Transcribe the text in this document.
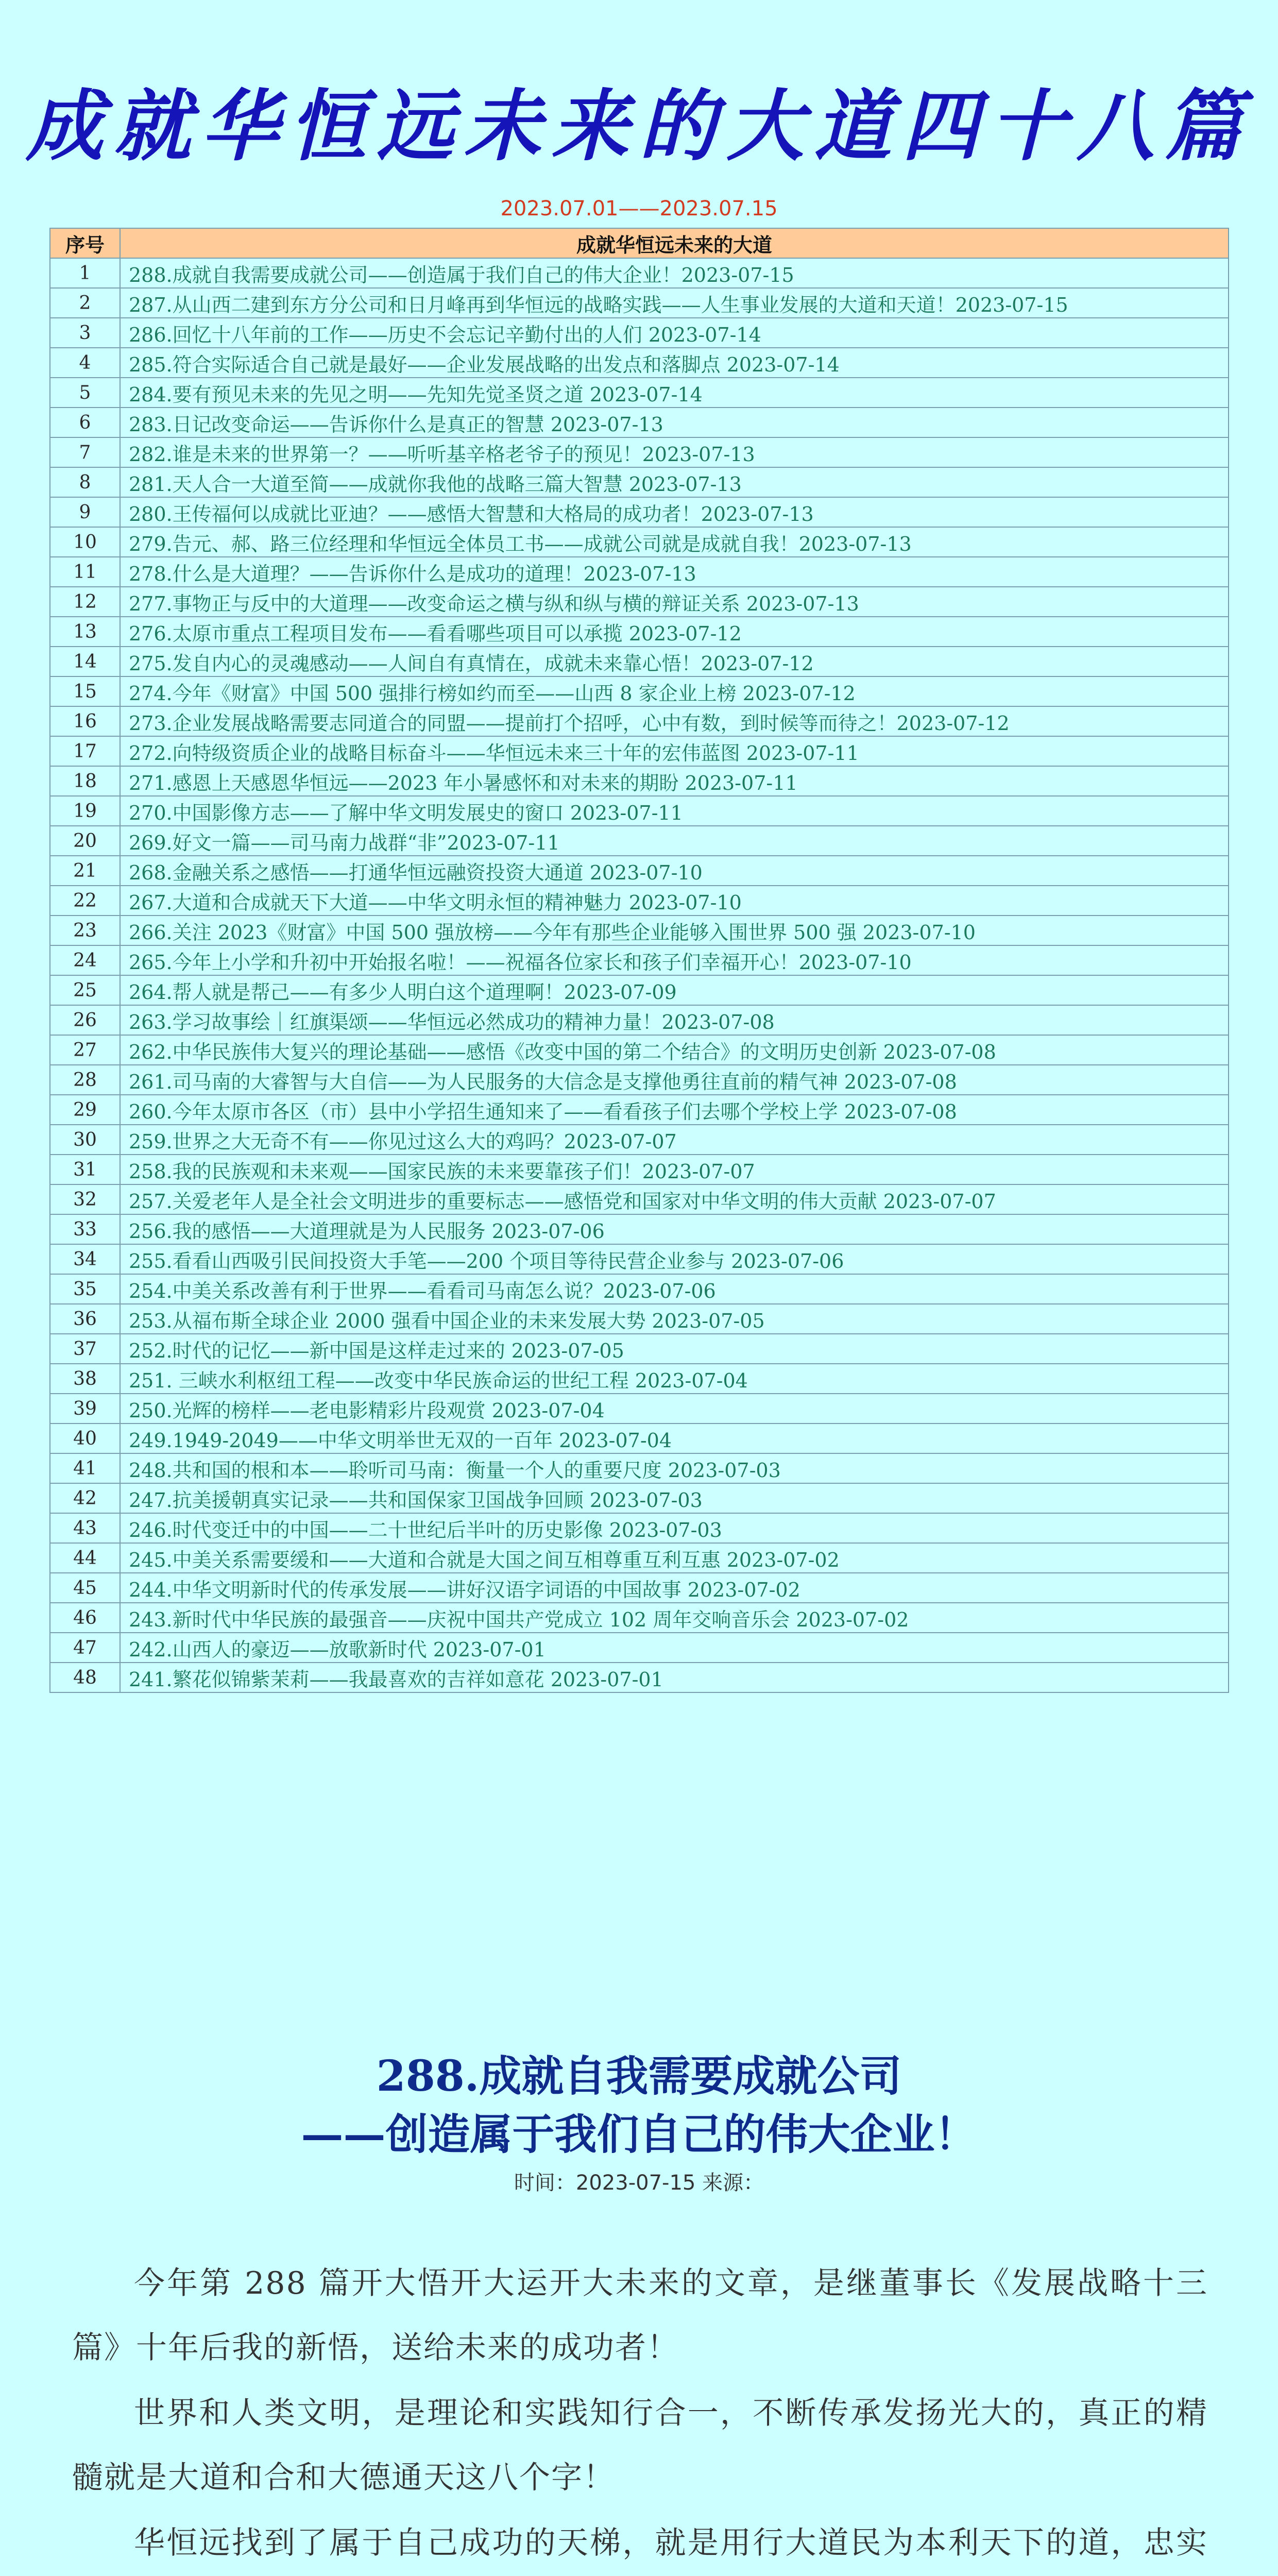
成就华恒远未来的大道四十八篇
2023.07.01——2023.07.15
序号	成就华恒远未来的大道
1	288.成就自我需要成就公司——创造属于我们自己的伟大企业！2023-07-15
2	287.从山西二建到东方分公司和日月峰再到华恒远的战略实践——人生事业发展的大道和天道！2023-07-15
3	286.回忆十八年前的工作——历史不会忘记辛勤付出的人们 2023-07-14
4	285.符合实际适合自己就是最好——企业发展战略的出发点和落脚点 2023-07-14
5	284.要有预见未来的先见之明——先知先觉圣贤之道 2023-07-14
6	283.日记改变命运——告诉你什么是真正的智慧 2023-07-13
7	282.谁是未来的世界第一？——听听基辛格老爷子的预见！2023-07-13
8	281.天人合一大道至简——成就你我他的战略三篇大智慧 2023-07-13
9	280.王传福何以成就比亚迪？——感悟大智慧和大格局的成功者！2023-07-13
10	279.告元、郝、路三位经理和华恒远全体员工书——成就公司就是成就自我！2023-07-13
11	278.什么是大道理？——告诉你什么是成功的道理！2023-07-13
12	277.事物正与反中的大道理——改变命运之横与纵和纵与横的辩证关系 2023-07-13
13	276.太原市重点工程项目发布——看看哪些项目可以承揽 2023-07-12
14	275.发自内心的灵魂感动——人间自有真情在，成就未来靠心悟！2023-07-12
15	274.今年《财富》中国 500 强排行榜如约而至——山西 8 家企业上榜 2023-07-12
16	273.企业发展战略需要志同道合的同盟——提前打个招呼，心中有数，到时候等而待之！2023-07-12
17	272.向特级资质企业的战略目标奋斗——华恒远未来三十年的宏伟蓝图 2023-07-11
18	271.感恩上天感恩华恒远——2023 年小暑感怀和对未来的期盼 2023-07-11
19	270.中国影像方志——了解中华文明发展史的窗口 2023-07-11
20	269.好文一篇——司马南力战群“非”2023-07-11
21	268.金融关系之感悟——打通华恒远融资投资大通道 2023-07-10
22	267.大道和合成就天下大道——中华文明永恒的精神魅力 2023-07-10
23	266.关注 2023《财富》中国 500 强放榜——今年有那些企业能够入围世界 500 强 2023-07-10
24	265.今年上小学和升初中开始报名啦！——祝福各位家长和孩子们幸福开心！2023-07-10
25	264.帮人就是帮己——有多少人明白这个道理啊！2023-07-09
26	263.学习故事绘｜红旗渠颂——华恒远必然成功的精神力量！2023-07-08
27	262.中华民族伟大复兴的理论基础——感悟《改变中国的第二个结合》的文明历史创新 2023-07-08
28	261.司马南的大睿智与大自信——为人民服务的大信念是支撑他勇往直前的精气神 2023-07-08
29	260.今年太原市各区（市）县中小学招生通知来了——看看孩子们去哪个学校上学 2023-07-08
30	259.世界之大无奇不有——你见过这么大的鸡吗？2023-07-07
31	258.我的民族观和未来观——国家民族的未来要靠孩子们！2023-07-07
32	257.关爱老年人是全社会文明进步的重要标志——感悟党和国家对中华文明的伟大贡献 2023-07-07
33	256.我的感悟——大道理就是为人民服务 2023-07-06
34	255.看看山西吸引民间投资大手笔——200 个项目等待民营企业参与 2023-07-06
35	254.中美关系改善有利于世界——看看司马南怎么说？2023-07-06
36	253.从福布斯全球企业 2000 强看中国企业的未来发展大势 2023-07-05
37	252.时代的记忆——新中国是这样走过来的 2023-07-05
38	251. 三峡水利枢纽工程——改变中华民族命运的世纪工程 2023-07-04
39	250.光辉的榜样——老电影精彩片段观赏 2023-07-04
40	249.1949-2049——中华文明举世无双的一百年 2023-07-04
41	248.共和国的根和本——聆听司马南：衡量一个人的重要尺度 2023-07-03
42	247.抗美援朝真实记录——共和国保家卫国战争回顾 2023-07-03
43	246.时代变迁中的中国——二十世纪后半叶的历史影像 2023-07-03
44	245.中美关系需要缓和——大道和合就是大国之间互相尊重互利互惠 2023-07-02
45	244.中华文明新时代的传承发展——讲好汉语字词语的中国故事 2023-07-02
46	243.新时代中华民族的最强音——庆祝中国共产党成立 102 周年交响音乐会 2023-07-02
47	242.山西人的豪迈——放歌新时代 2023-07-01
48	241.繁花似锦紫茉莉——我最喜欢的吉祥如意花 2023-07-01
288.成就自我需要成就公司
——创造属于我们自己的伟大企业！
时间：2023-07-15 来源：
今年第 288 篇开大悟开大运开大未来的文章，是继董事长《发展战略十三篇》十年后我的新悟，送给未来的成功者！
世界和人类文明，是理论和实践知行合一，不断传承发扬光大的，真正的精髓就是大道和合和大德通天这八个字！
华恒远找到了属于自己成功的天梯，就是用行大道民为本利天下的道，忠实
